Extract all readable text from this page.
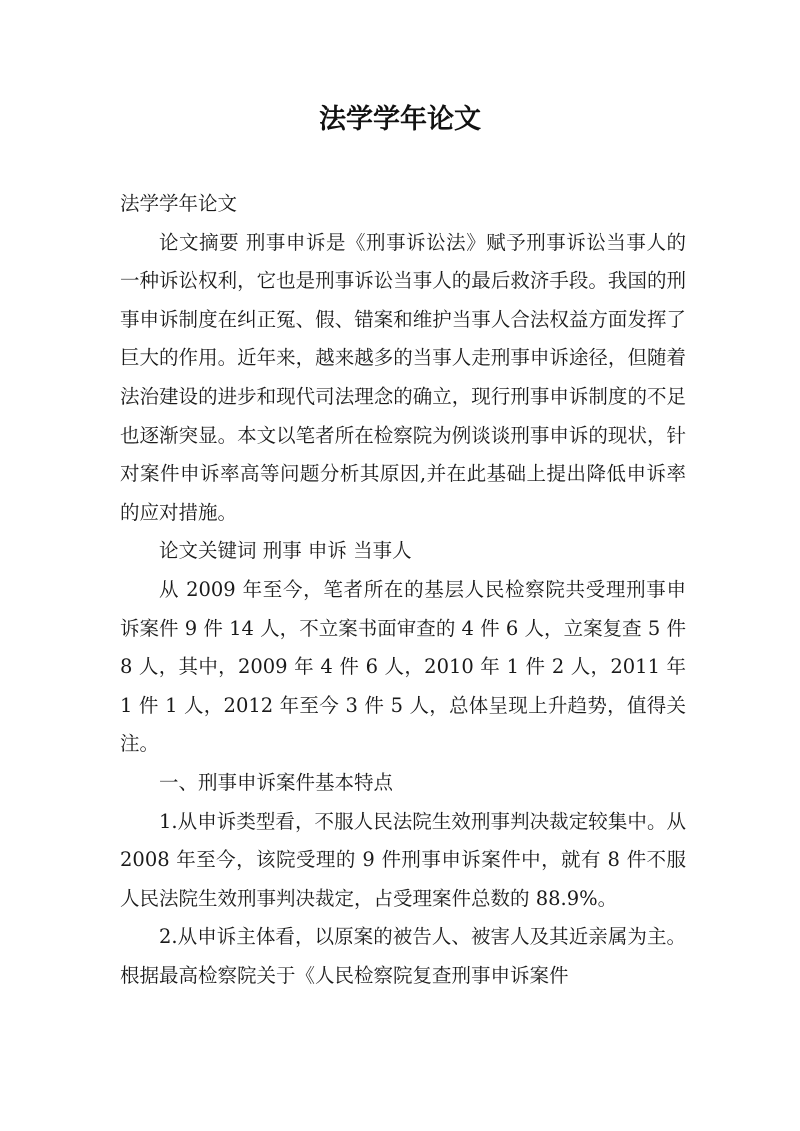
法学学年论文

法学学年论文

论文摘要 刑事申诉是《刑事诉讼法》赋予刑事诉讼当事人的一种诉讼权利，它也是刑事诉讼当事人的最后救济手段。我国的刑事申诉制度在纠正冤、假、错案和维护当事人合法权益方面发挥了巨大的作用。近年来，越来越多的当事人走刑事申诉途径，但随着法治建设的进步和现代司法理念的确立，现行刑事申诉制度的不足也逐渐突显。本文以笔者所在检察院为例谈谈刑事申诉的现状，针对案件申诉率高等问题分析其原因,并在此基础上提出降低申诉率的应对措施。

论文关键词 刑事 申诉 当事人

从 2009 年至今，笔者所在的基层人民检察院共受理刑事申诉案件 9 件 14 人，不立案书面审查的 4 件 6 人，立案复查 5 件 8 人，其中，2009 年 4 件 6 人，2010 年 1 件 2 人，2011 年 1 件 1 人，2012 年至今 3 件 5 人，总体呈现上升趋势，值得关注。

一、刑事申诉案件基本特点

1.从申诉类型看，不服人民法院生效刑事判决裁定较集中。从 2008 年至今，该院受理的 9 件刑事申诉案件中，就有 8 件不服人民法院生效刑事判决裁定，占受理案件总数的 88.9%。

2.从申诉主体看，以原案的被告人、被害人及其近亲属为主。根据最高检察院关于《人民检察院复查刑事申诉案件
